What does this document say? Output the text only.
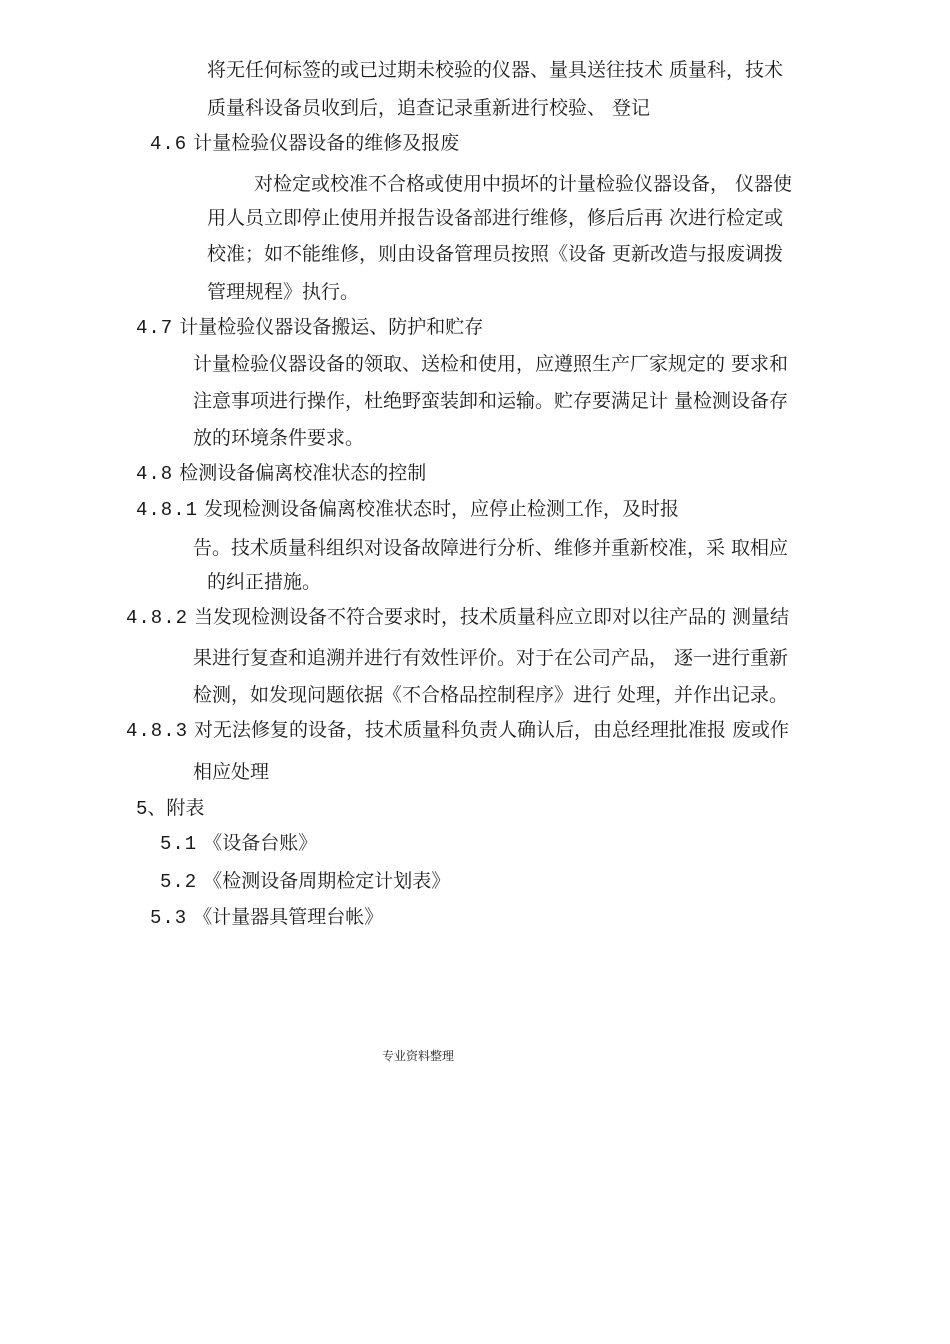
将无任何标签的或已过期未校验的仪器、量具送往技术 质量科，技术
质量科设备员收到后，追查记录重新进行校验、 登记
4.6 计量检验仪器设备的维修及报废
对检定或校准不合格或使用中损坏的计量检验仪器设备， 仪器使
用人员立即停止使用并报告设备部进行维修，修后后再 次进行检定或
校准；如不能维修，则由设备管理员按照《设备 更新改造与报废调拨
管理规程》执行。
4.7 计量检验仪器设备搬运、防护和贮存
计量检验仪器设备的领取、送检和使用，应遵照生产厂家规定的 要求和
注意事项进行操作，杜绝野蛮装卸和运输。贮存要满足计 量检测设备存
放的环境条件要求。
4.8 检测设备偏离校准状态的控制
4.8.1 发现检测设备偏离校准状态时，应停止检测工作，及时报
告。技术质量科组织对设备故障进行分析、维修并重新校准，采 取相应
的纠正措施。
4.8.2 当发现检测设备不符合要求时，技术质量科应立即对以往产品的 测量结
果进行复查和追溯并进行有效性评价。对于在公司产品， 逐一进行重新
检测，如发现问题依据《不合格品控制程序》进行 处理，并作出记录。
4.8.3 对无法修复的设备，技术质量科负责人确认后，由总经理批准报 废或作
相应处理
5、附表
5.1 《设备台账》
5.2 《检测设备周期检定计划表》
5.3 《计量器具管理台帐》
专业资料整理
